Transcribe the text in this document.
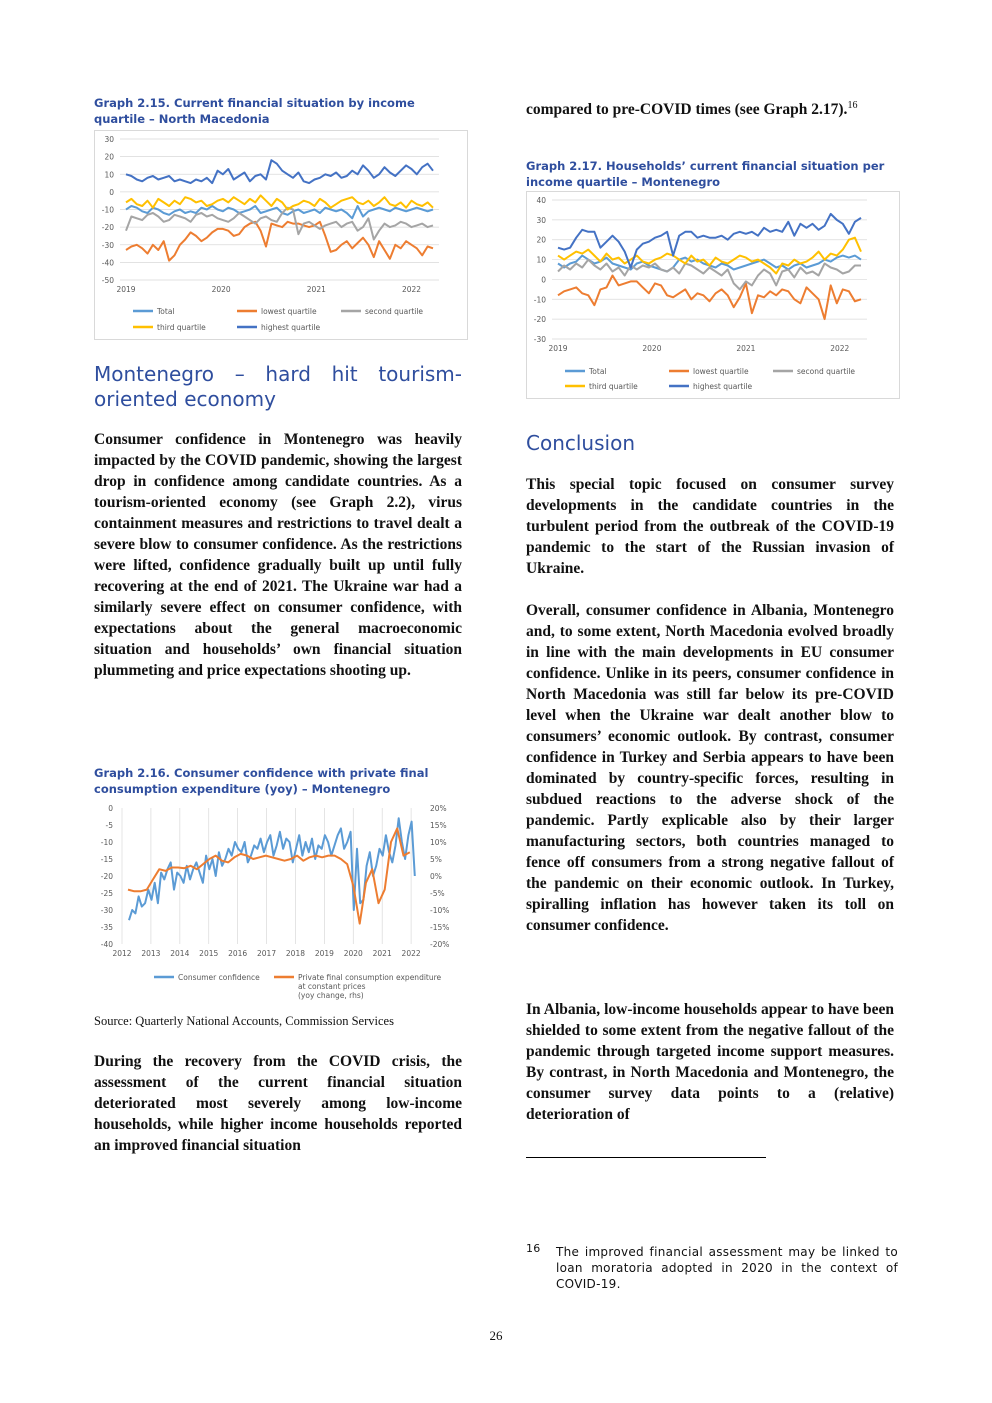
Graph 2.15. Current financial situation by income quartile – North Macedonia
30
20
10
0
-10
-20
-30
-40
-50
2019	2020	2021	2022
Total	lowest quartile	second quartile
third quartile	highest quartile
Montenegro – hard hit tourism-
oriented economy

Consumer confidence in Montenegro was heavily impacted by the COVID pandemic, showing the largest drop in confidence among candidate countries. As a tourism-oriented economy (see Graph 2.2), virus containment measures and restrictions to travel dealt a severe blow to consumer confidence. As the restrictions were lifted, confidence gradually built up until fully recovering at the end of 2021. The Ukraine war had a similarly severe effect on consumer confidence, with expectations about the general macroeconomic situation and households’ own financial situation plummeting and price expectations shooting up.

Graph 2.16. Consumer confidence with private final consumption expenditure (yoy) – Montenegro
0
-5
-10
-15
-20
-25
-30
-35
-40
20%
15%
10%
5%
0%
-5%
-10%
-15%
-20%
2012 2013 2014 2015 2016 2017 2018 2019 2020 2021 2022
Consumer confidence	Private final consumption expenditure at constant prices (yoy change, rhs)
Source: Quarterly National Accounts, Commission Services

During the recovery from the COVID crisis, the assessment of the current financial situation deteriorated most severely among low-income households, while higher income households reported an improved financial situation

compared to pre-COVID times (see Graph 2.17).$^{16}$

Graph 2.17. Households’ current financial situation per income quartile – Montenegro
40
30
20
10
0
-10
-20
-30
2019	2020	2021	2022
Total	lowest quartile	second quartile
third quartile	highest quartile
Conclusion

This special topic focused on consumer survey developments in the candidate countries in the turbulent period from the outbreak of the COVID-19 pandemic to the start of the Russian invasion of Ukraine.

Overall, consumer confidence in Albania, Montenegro and, to some extent, North Macedonia evolved broadly in line with the main developments in EU consumer confidence. Unlike in its peers, consumer confidence in North Macedonia was still far below its pre-COVID level when the Ukraine war dealt another blow to consumers’ economic outlook. By contrast, consumer confidence in Turkey and Serbia appears to have been dominated by country-specific forces, resulting in subdued reactions to the adverse shock of the pandemic. Partly explicable also by their larger manufacturing sectors, both countries managed to fence off consumers from a strong negative fallout of the pandemic on their economic outlook. In Turkey, spiralling inflation has however taken its toll on consumer confidence.

In Albania, low-income households appear to have been shielded to some extent from the negative fallout of the pandemic through targeted income support measures. By contrast, in North Macedonia and Montenegro, the consumer survey data points to a (relative) deterioration of

16	The improved financial assessment may be linked to loan moratoria adopted in 2020 in the context of COVID-19.
26
